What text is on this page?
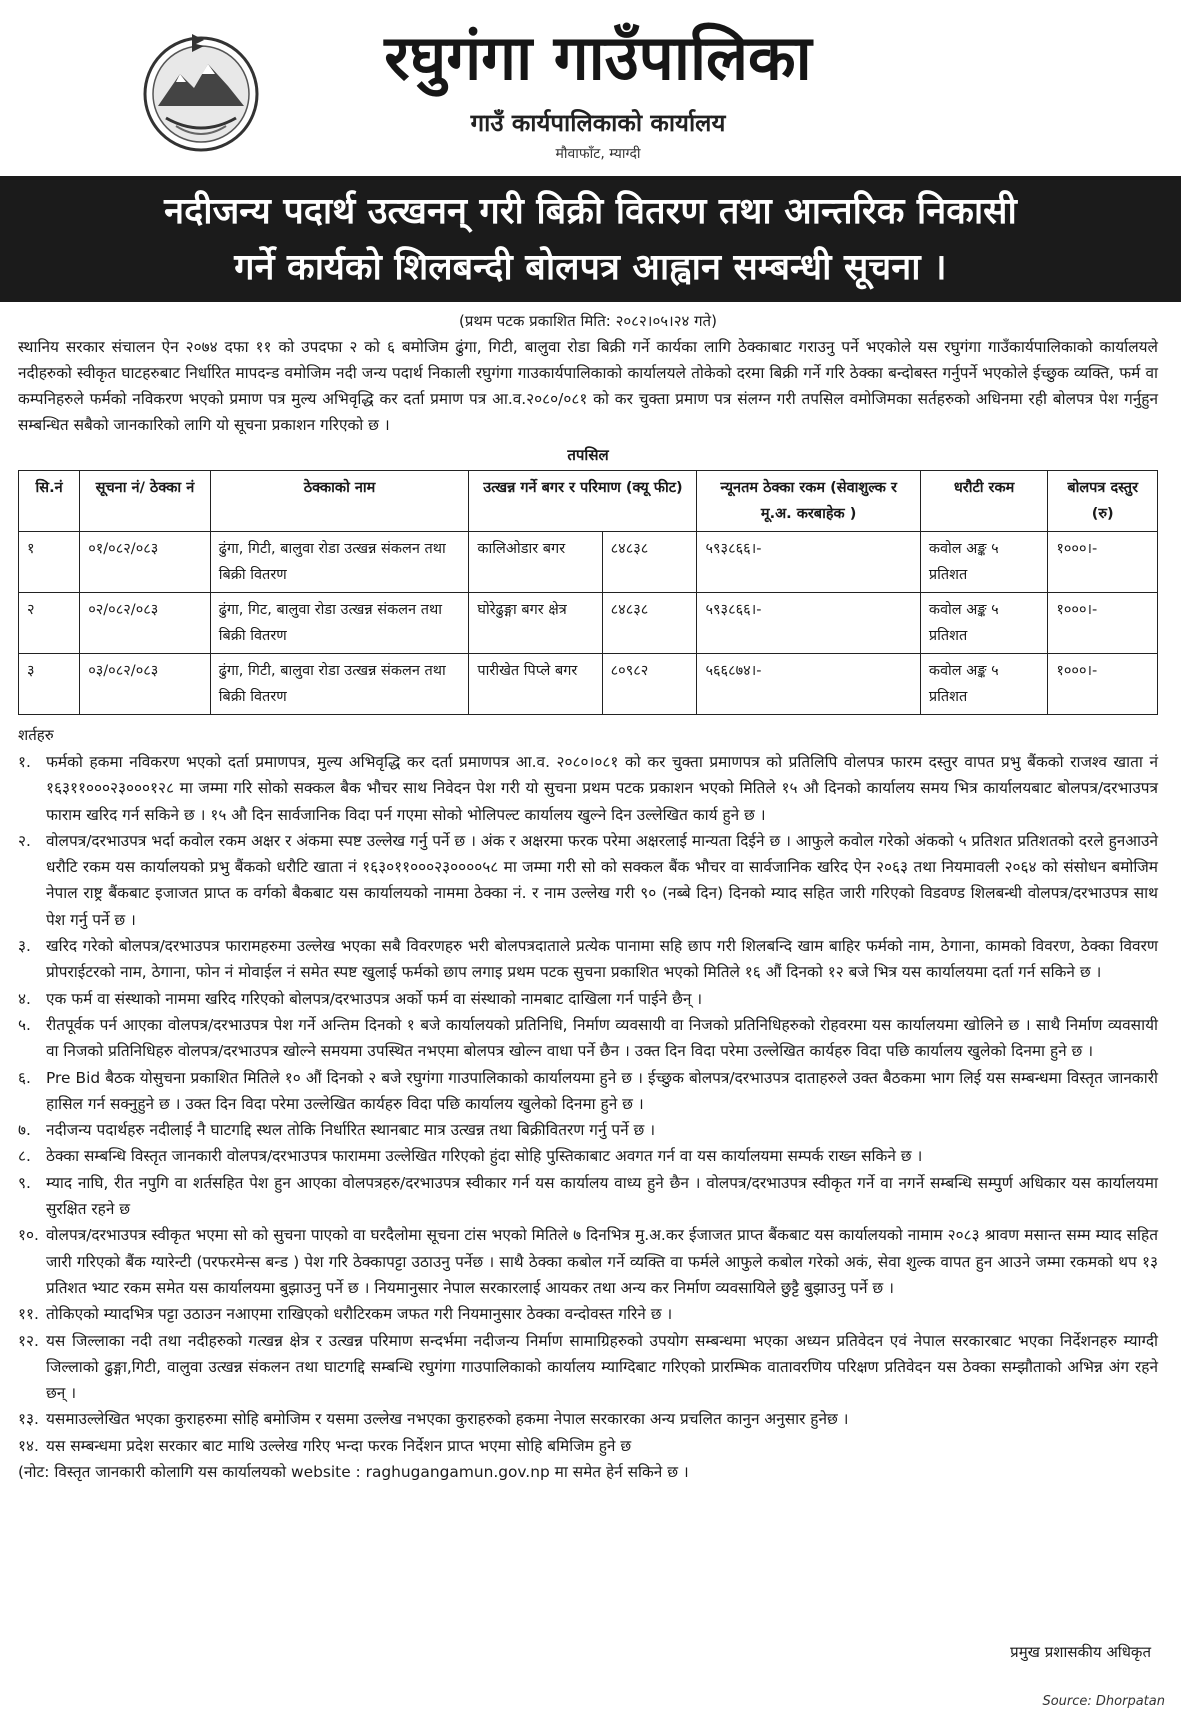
रघुगंगा गाउँपालिका
गाउँ कार्यपालिकाको कार्यालय
मौवाफाँट, म्याग्दी
नदीजन्य पदार्थ उत्खनन् गरी बिक्री वितरण तथा आन्तरिक निकासी
गर्ने कार्यको शिलबन्दी बोलपत्र आह्वान सम्बन्धी सूचना ।

(प्रथम पटक प्रकाशित मिति: २०८२।०५।२४ गते)

स्थानिय सरकार संचालन ऐन २०७४ दफा ११ को उपदफा २ को ६ बमोजिम ढुंगा, गिटी, बालुवा रोडा बिक्री गर्ने कार्यका लागि ठेक्काबाट गराउनु पर्ने भएकोले यस रघुगंगा गाउँकार्यपालिकाको कार्यालयले नदीहरुको स्वीकृत घाटहरुबाट निर्धारित मापदन्ड वमोजिम नदी जन्य पदार्थ निकाली रघुगंगा गाउकार्यपालिकाको कार्यालयले तोकेको दरमा बिक्री गर्ने गरि ठेक्का बन्दोबस्त गर्नुपर्ने भएकोले ईच्छुक व्यक्ति, फर्म वा कम्पनिहरुले फर्मको नविकरण भएको प्रमाण पत्र मुल्य अभिवृद्धि कर दर्ता प्रमाण पत्र आ.व.२०८०/०८१ को कर चुक्ता प्रमाण पत्र संलग्न गरी तपसिल वमोजिमका सर्तहरुको अधिनमा रही बोलपत्र पेश गर्नुहुन सम्बन्धित सबैको जानकारिको लागि यो सूचना प्रकाशन गरिएको छ ।

तपसिल

सि.नं	सूचना नं/ ठेक्का नं	ठेक्काको नाम	उत्खन्न गर्ने बगर र परिमाण (क्यू फीट)		न्यूनतम ठेक्का रकम (सेवाशुल्क र मू.अ. करबाहेक )	धरौटी रकम	बोलपत्र दस्तुर (रु)
१	०१/०८२/०८३	ढुंगा, गिटी, बालुवा रोडा उत्खन्न संकलन तथा बिक्री वितरण	कालिओडार बगर	८४८३८	५९३८६६।-	कवोल अङ्क ५ प्रतिशत	१०००।-
२	०२/०८२/०८३	ढुंगा, गिट, बालुवा रोडा उत्खन्न संकलन तथा बिक्री वितरण	घोरेढुङ्गा बगर क्षेत्र	८४८३८	५९३८६६।-	कवोल अङ्क ५ प्रतिशत	१०००।-
३	०३/०८२/०८३	ढुंगा, गिटी, बालुवा रोडा उत्खन्न संकलन तथा बिक्री वितरण	पारीखेत पिप्ले बगर	८०९८२	५६६८७४।-	कवोल अङ्क ५ प्रतिशत	१०००।-

शर्तहरु

१. फर्मको हकमा नविकरण भएको दर्ता प्रमाणपत्र, मुल्य अभिवृद्धि कर दर्ता प्रमाणपत्र आ.व. २०८०।०८१ को कर चुक्ता प्रमाणपत्र को प्रतिलिपि वोलपत्र फारम दस्तुर वापत प्रभु बैंकको राजश्व खाता नं १६३११०००२३०००१२८ मा जम्मा गरि सोको सक्कल बैक भौचर साथ निवेदन पेश गरी यो सुचना प्रथम पटक प्रकाशन भएको मितिले १५ औ दिनको कार्यालय समय भित्र कार्यालयबाट बोलपत्र/दरभाउपत्र फाराम खरिद गर्न सकिने छ । १५ औ दिन सार्वजानिक विदा पर्न गएमा सोको भोलिपल्ट कार्यालय खुल्ने दिन उल्लेखित कार्य हुने छ ।

२. वोलपत्र/दरभाउपत्र भर्दा कवोल रकम अक्षर र अंकमा स्पष्ट उल्लेख गर्नु पर्ने छ । अंक र अक्षरमा फरक परेमा अक्षरलाई मान्यता दिईने छ । आफुले कवोल गरेको अंकको ५ प्रतिशत प्रतिशतको दरले हुनआउने धरौटि रकम यस कार्यालयको प्रभु बैंकको धरौटि खाता नं १६३०११०००२३००००५८ मा जम्मा गरी सो को सक्कल बैंक भौचर वा सार्वजानिक खरिद ऐन २०६३ तथा नियमावली २०६४ को संसोधन बमोजिम नेपाल राष्ट्र बैंकबाट इजाजत प्राप्त क वर्गको बैकबाट यस कार्यालयको नाममा ठेक्का नं. र नाम उल्लेख गरी ९० (नब्बे दिन) दिनको म्याद सहित जारी गरिएको विडवण्ड शिलबन्धी वोलपत्र/दरभाउपत्र साथ पेश गर्नु पर्ने छ ।

३. खरिद गरेको बोलपत्र/दरभाउपत्र फारामहरुमा उल्लेख भएका सबै विवरणहरु भरी बोलपत्रदाताले प्रत्येक पानामा सहि छाप गरी शिलबन्दि खाम बाहिर फर्मको नाम, ठेगाना, कामको विवरण, ठेक्का विवरण प्रोपराईटरको नाम, ठेगाना, फोन नं मोवाईल नं समेत स्पष्ट खुलाई फर्मको छाप लगाइ प्रथम पटक सुचना प्रकाशित भएको मितिले १६ औं दिनको १२ बजे भित्र यस कार्यालयमा दर्ता गर्न सकिने छ ।

४. एक फर्म वा संस्थाको नाममा खरिद गरिएको बोलपत्र/दरभाउपत्र अर्को फर्म वा संस्थाको नामबाट दाखिला गर्न पाईने छैन् ।

५. रीतपूर्वक पर्न आएका वोलपत्र/दरभाउपत्र पेश गर्ने अन्तिम दिनको १ बजे कार्यालयको प्रतिनिधि, निर्माण व्यवसायी वा निजको प्रतिनिधिहरुको रोहवरमा यस कार्यालयमा खोलिने छ । साथै निर्माण व्यवसायी वा निजको प्रतिनिधिहरु वोलपत्र/दरभाउपत्र खोल्ने समयमा उपस्थित नभएमा बोलपत्र खोल्न वाधा पर्ने छैन । उक्त दिन विदा परेमा उल्लेखित कार्यहरु विदा पछि कार्यालय खुलेको दिनमा हुने छ ।

६. Pre Bid बैठक योसुचना प्रकाशित मितिले १० औं दिनको २ बजे रघुगंगा गाउपालिकाको कार्यालयमा हुने छ । ईच्छुक बोलपत्र/दरभाउपत्र दाताहरुले उक्त बैठकमा भाग लिई यस सम्बन्धमा विस्तृत जानकारी हासिल गर्न सक्नुहुने छ । उक्त दिन विदा परेमा उल्लेखित कार्यहरु विदा पछि कार्यालय खुलेको दिनमा हुने छ ।

७. नदीजन्य पदार्थहरु नदीलाई नै घाटगद्दि स्थल तोकि निर्धारित स्थानबाट मात्र उत्खन्न तथा बिक्रीवितरण गर्नु पर्ने छ ।

८. ठेक्का सम्बन्धि विस्तृत जानकारी वोलपत्र/दरभाउपत्र फाराममा उल्लेखित गरिएको हुंदा सोहि पुस्तिकाबाट अवगत गर्न वा यस कार्यालयमा सम्पर्क राख्न सकिने छ ।

९. म्याद नाघि, रीत नपुगि वा शर्तसहित पेश हुन आएका वोलपत्रहरु/दरभाउपत्र स्वीकार गर्न यस कार्यालय वाध्य हुने छैन । वोलपत्र/दरभाउपत्र स्वीकृत गर्ने वा नगर्ने सम्बन्धि सम्पुर्ण अधिकार यस कार्यालयमा सुरक्षित रहने छ

१०. वोलपत्र/दरभाउपत्र स्वीकृत भएमा सो को सुचना पाएको वा घरदैलोमा सूचना टांस भएको मितिले ७ दिनभित्र मु.अ.कर ईजाजत प्राप्त बैंकबाट यस कार्यालयको नामाम २०८३ श्रावण मसान्त सम्म म्याद सहित जारी गरिएको बैंक ग्यारेन्टी (परफरमेन्स बन्ड ) पेश गरि ठेक्कापट्टा उठाउनु पर्नेछ । साथै ठेक्का कबोल गर्ने व्यक्ति वा फर्मले आफुले कबोल गरेको अकं, सेवा शुल्क वापत हुन आउने जम्मा रकमको थप १३ प्रतिशत भ्याट रकम समेत यस कार्यालयमा बुझाउनु पर्ने छ । नियमानुसार नेपाल सरकारलाई आयकर तथा अन्य कर निर्माण व्यवसायिले छुट्टै बुझाउनु पर्ने छ ।

११. तोकिएको म्यादभित्र पट्टा उठाउन नआएमा राखिएको धरौटिरकम जफत गरी नियमानुसार ठेक्का वन्दोवस्त गरिने छ ।

१२. यस जिल्लाका नदी तथा नदीहरुको गत्खन्न क्षेत्र र उत्खन्न परिमाण सन्दर्भमा नदीजन्य निर्माण सामाग्रिहरुको उपयोग सम्बन्धमा भएका अध्यन प्रतिवेदन एवं नेपाल सरकारबाट भएका निर्देशनहरु म्याग्दी जिल्लाको ढुङ्गा,गिटी, वालुवा उत्खन्न संकलन तथा घाटगद्दि सम्बन्धि रघुगंगा गाउपालिकाको कार्यालय म्याग्दिबाट गरिएको प्रारम्भिक वातावरणिय परिक्षण प्रतिवेदन यस ठेक्का सम्झौताको अभिन्न अंग रहने छन् ।

१३. यसमाउल्लेखित भएका कुराहरुमा सोहि बमोजिम र यसमा उल्लेख नभएका कुराहरुको हकमा नेपाल सरकारका अन्य प्रचलित कानुन अनुसार हुनेछ ।

१४. यस सम्बन्धमा प्रदेश सरकार बाट माथि उल्लेख गरिए भन्दा फरक निर्देशन प्राप्त भएमा सोहि बमिजिम हुने छ

(नोट: विस्तृत जानकारी कोलागि यस कार्यालयको website : raghugangamun.gov.np मा समेत हेर्न सकिने छ ।

प्रमुख प्रशासकीय अधिकृत
Source: Dhorpatan
